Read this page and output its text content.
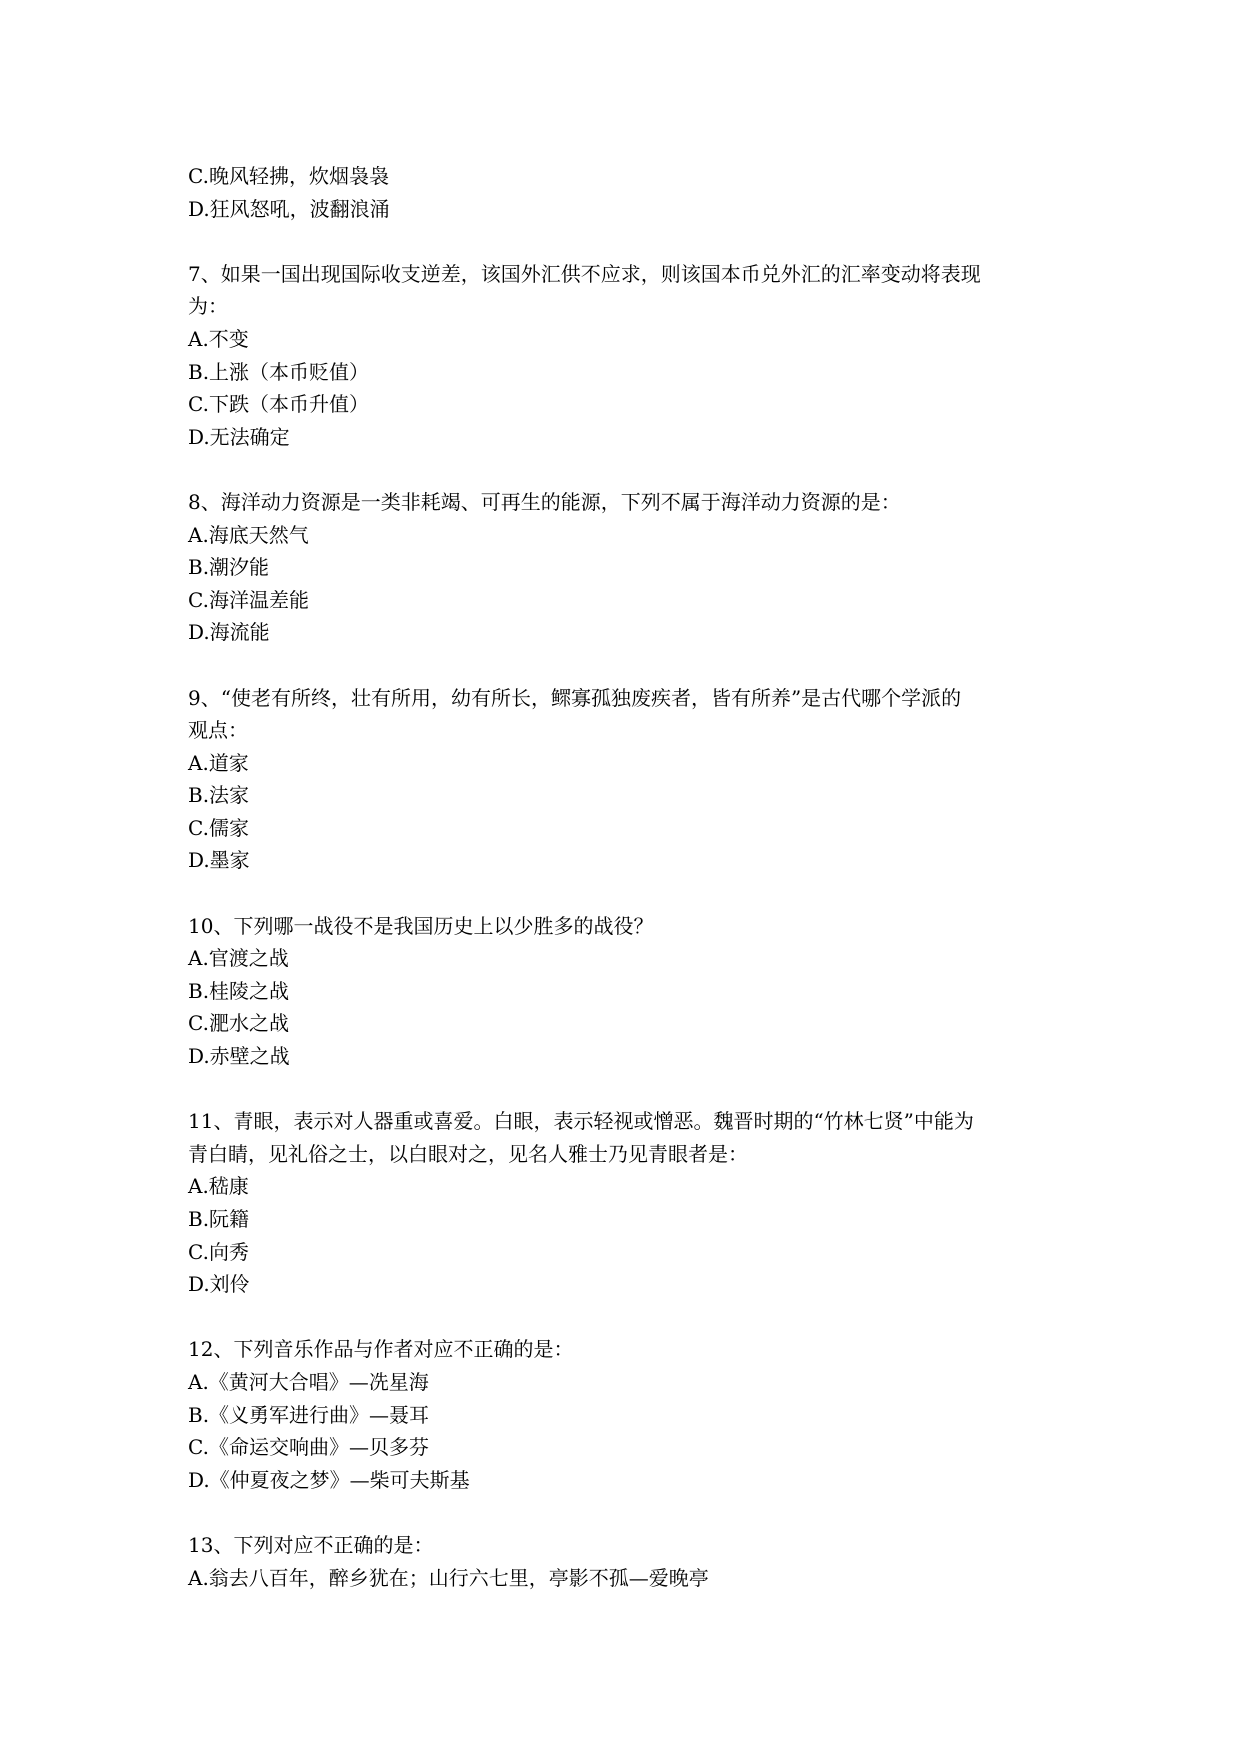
C.晚风轻拂，炊烟袅袅
D.狂风怒吼，波翻浪涌
7、如果一国出现国际收支逆差，该国外汇供不应求，则该国本币兑外汇的汇率变动将表现
为：
A.不变
B.上涨（本币贬值）
C.下跌（本币升值）
D.无法确定
8、海洋动力资源是一类非耗竭、可再生的能源，下列不属于海洋动力资源的是：
A.海底天然气
B.潮汐能
C.海洋温差能
D.海流能
9、“使老有所终，壮有所用，幼有所长，鳏寡孤独废疾者，皆有所养”是古代哪个学派的
观点：
A.道家
B.法家
C.儒家
D.墨家
10、下列哪一战役不是我国历史上以少胜多的战役？
A.官渡之战
B.桂陵之战
C.淝水之战
D.赤壁之战
11、青眼，表示对人器重或喜爱。白眼，表示轻视或憎恶。魏晋时期的“竹林七贤”中能为
青白睛，见礼俗之士，以白眼对之，见名人雅士乃见青眼者是：
A.嵇康
B.阮籍
C.向秀
D.刘伶
12、下列音乐作品与作者对应不正确的是：
A.《黄河大合唱》—冼星海
B.《义勇军进行曲》—聂耳
C.《命运交响曲》—贝多芬
D.《仲夏夜之梦》—柴可夫斯基
13、下列对应不正确的是：
A.翁去八百年，醉乡犹在；山行六七里，亭影不孤—爱晚亭
